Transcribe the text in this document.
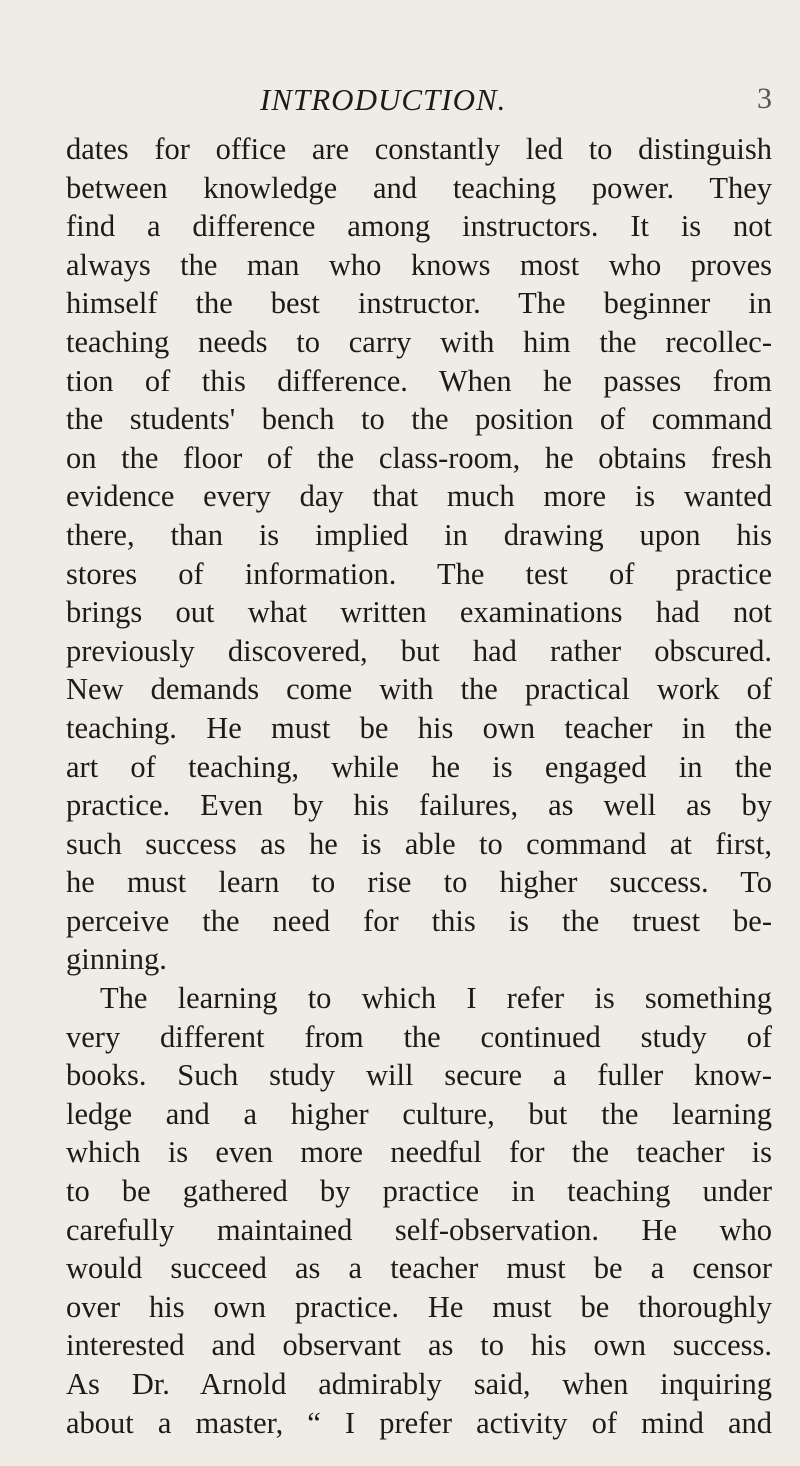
INTRODUCTION.	3
dates for office are constantly led to distinguish
between knowledge and teaching power. They
find a difference among instructors. It is not
always the man who knows most who proves
himself the best instructor. The beginner in
teaching needs to carry with him the recollec-
tion of this difference. When he passes from
the students' bench to the position of command
on the floor of the class-room, he obtains fresh
evidence every day that much more is wanted
there, than is implied in drawing upon his
stores of information. The test of practice
brings out what written examinations had not
previously discovered, but had rather obscured.
New demands come with the practical work of
teaching. He must be his own teacher in the
art of teaching, while he is engaged in the
practice. Even by his failures, as well as by
such success as he is able to command at first,
he must learn to rise to higher success. To
perceive the need for this is the truest be-
ginning.
The learning to which I refer is something
very different from the continued study of
books. Such study will secure a fuller know-
ledge and a higher culture, but the learning
which is even more needful for the teacher is
to be gathered by practice in teaching under
carefully maintained self-observation. He who
would succeed as a teacher must be a censor
over his own practice. He must be thoroughly
interested and observant as to his own success.
As Dr. Arnold admirably said, when inquiring
about a master, “ I prefer activity of mind and
